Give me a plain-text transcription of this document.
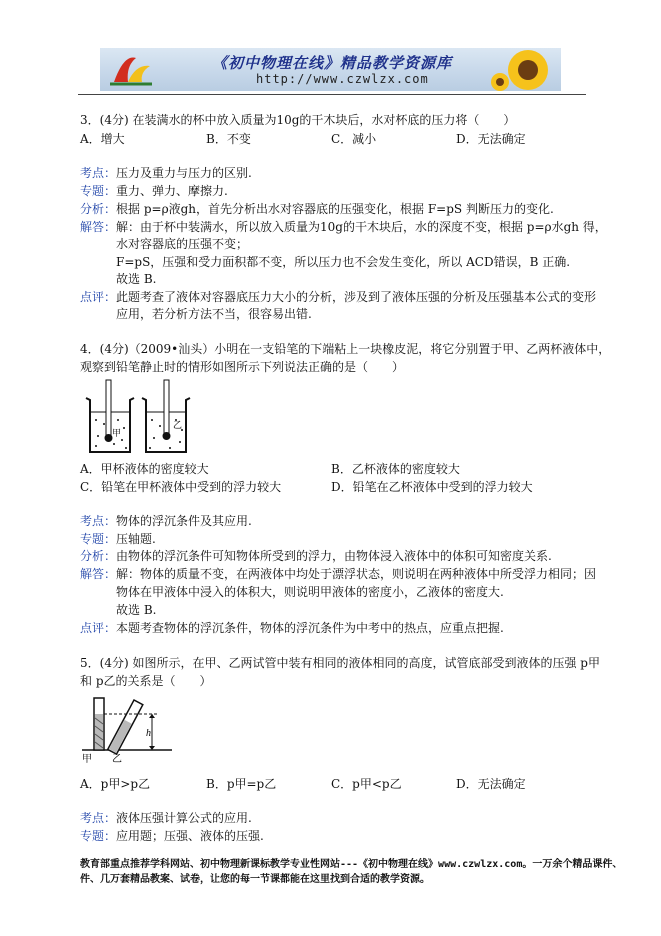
《初中物理在线》精品教学资源库
http://www.czwlzx.com
3．(4分) 在装满水的杯中放入质量为10g的干木块后，水对杯底的压力将（　　）
A．增大	B．不变	C．减小	D．无法确定
考点：压力及重力与压力的区别.
专题：重力、弹力、摩擦力.
分析：根据 p=ρ液gh，首先分析出水对容器底的压强变化，根据 F=pS 判断压力的变化.
解答：解：由于杯中装满水，所以放入质量为10g的干木块后，水的深度不变，根据 p=ρ水gh 得，
水对容器底的压强不变；
F=pS，压强和受力面积都不变，所以压力也不会发生变化，所以 ACD错误，B 正确.
故选 B.
点评：此题考查了液体对容器底压力大小的分析，涉及到了液体压强的分析及压强基本公式的变形
应用，若分析方法不当，很容易出错.
4．(4分)（2009•汕头）小明在一支铅笔的下端粘上一块橡皮泥，将它分别置于甲、乙两杯液体中，
观察到铅笔静止时的情形如图所示下列说法正确的是（　　）
甲
乙
A．甲杯液体的密度较大	B．乙杯液体的密度较大
C．铅笔在甲杯液体中受到的浮力较大	D．铅笔在乙杯液体中受到的浮力较大
考点：物体的浮沉条件及其应用.
专题：压轴题.
分析：由物体的浮沉条件可知物体所受到的浮力，由物体浸入液体中的体积可知密度关系.
解答：解：物体的质量不变，在两液体中均处于漂浮状态，则说明在两种液体中所受浮力相同；因
物体在甲液体中浸入的体积大，则说明甲液体的密度小，乙液体的密度大.
故选 B.
点评：本题考查物体的浮沉条件，物体的浮沉条件为中考中的热点，应重点把握.
5．(4分) 如图所示，在甲、乙两试管中装有相同的液体相同的高度，试管底部受到液体的压强 p甲
和 p乙的关系是（　　）
h
甲 乙
A．p甲>p乙	B．p甲=p乙	C．p甲<p乙	D．无法确定
考点：液体压强计算公式的应用.
专题：应用题；压强、液体的压强.
教育部重点推荐学科网站、初中物理新课标教学专业性网站---《初中物理在线》www.czwlzx.com。一万余个精品课件、
件、几万套精品教案、试卷，让您的每一节课都能在这里找到合适的教学资源。
